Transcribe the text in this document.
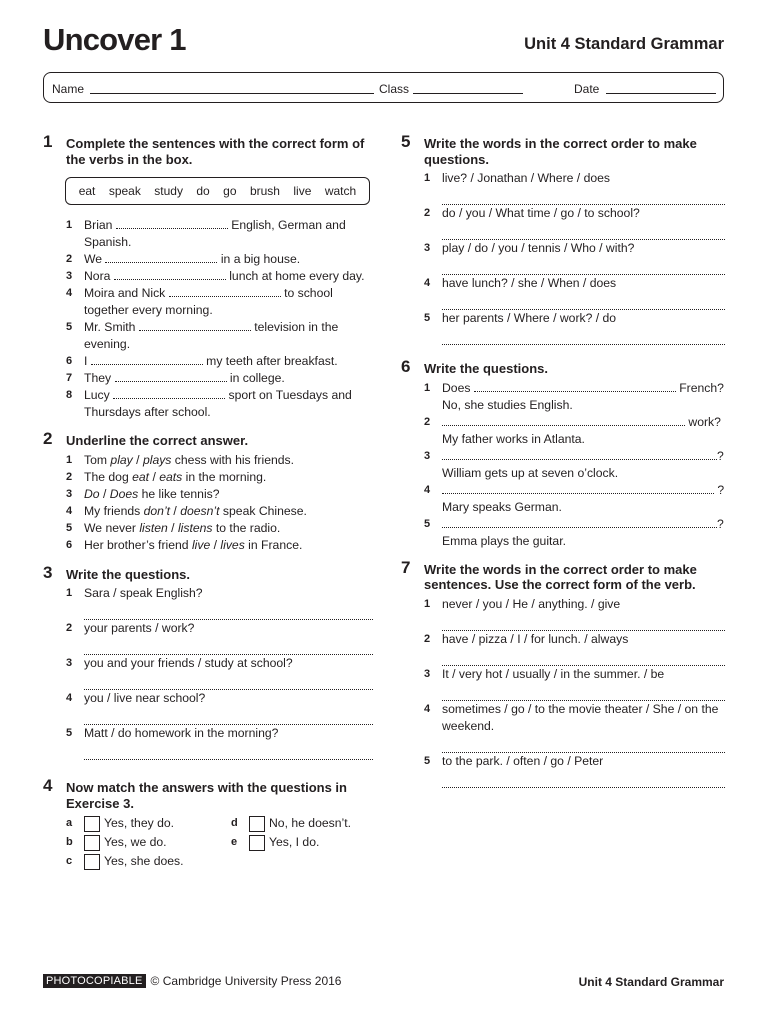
Uncover 1	Unit 4 Standard Grammar
Name	Class	Date
1 Complete the sentences with the correct form of the verbs in the box.
eat speak study do go brush live watch
1 Brian	English, German and Spanish.
2 We	in a big house.
3 Nora	lunch at home every day.
4 Moira and Nick	to school together every morning.
5 Mr. Smith	television in the evening.
6 I	my teeth after breakfast.
7 They	in college.
8 Lucy	sport on Tuesdays and Thursdays after school.
2 Underline the correct answer.
1 Tom play / plays chess with his friends.
2 The dog eat / eats in the morning.
3 Do / Does he like tennis?
4 My friends don’t / doesn’t speak Chinese.
5 We never listen / listens to the radio.
6 Her brother’s friend live / lives in France.
3 Write the questions.
1 Sara / speak English?
2 your parents / work?
3 you and your friends / study at school?
4 you / live near school?
5 Matt / do homework in the morning?
4 Now match the answers with the questions in Exercise 3.
a	Yes, they do.	d	No, he doesn’t.
b	Yes, we do.	e	Yes, I do.
c	Yes, she does.
5 Write the words in the correct order to make questions.
1 live? / Jonathan / Where / does
2 do / you / What time / go / to school?
3 play / do / you / tennis / Who / with?
4 have lunch? / she / When / does
5 her parents / Where / work? / do
6 Write the questions.
1 Does	French?
No, she studies English.
2	work?
My father works in Atlanta.
3	?
William gets up at seven o’clock.
4	?
Mary speaks German.
5	?
Emma plays the guitar.
7 Write the words in the correct order to make sentences. Use the correct form of the verb.
1 never / you / He / anything. / give
2 have / pizza / I / for lunch. / always
3 It / very hot / usually / in the summer. / be
4 sometimes / go / to the movie theater / She / on the weekend.
5 to the park. / often / go / Peter
PHOTOCOPIABLE © Cambridge University Press 2016	Unit 4 Standard Grammar
